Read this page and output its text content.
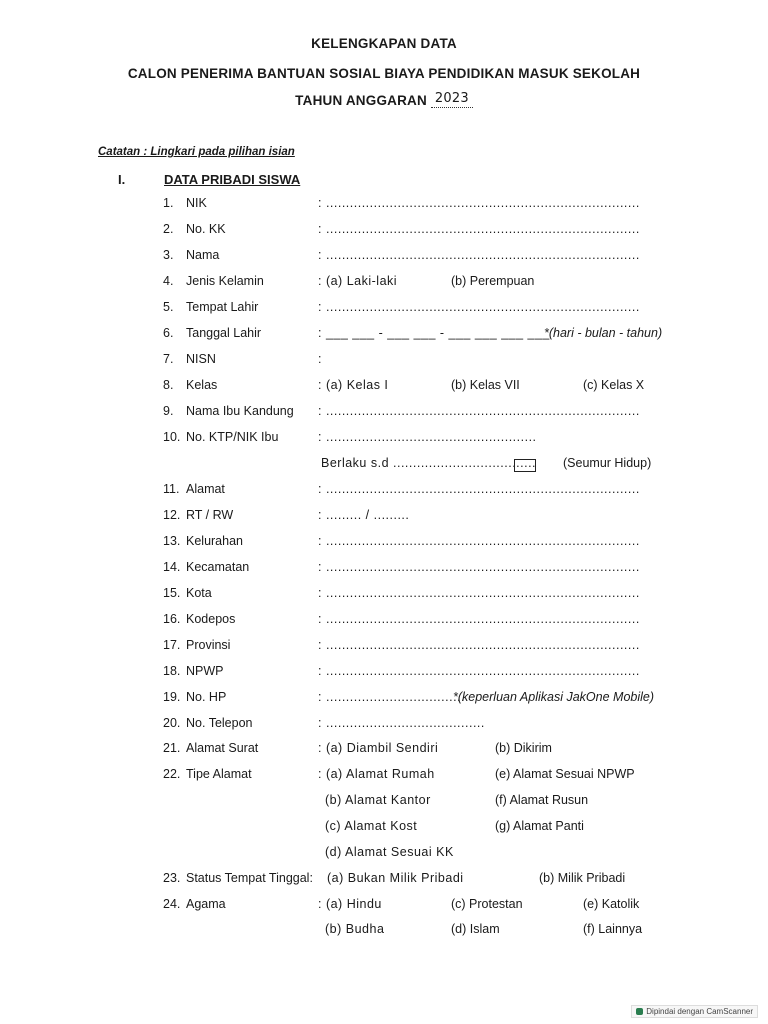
KELENGKAPAN DATA
CALON PENERIMA BANTUAN SOSIAL BIAYA PENDIDIKAN MASUK SEKOLAH
TAHUN ANGGARAN 2023
Catatan : Lingkari pada pilihan isian
I.	DATA PRIBADI SISWA
1. NIK	: ...............................................................................
2. No. KK	: ...............................................................................
3. Nama	: ...............................................................................
4. Jenis Kelamin	: (a) Laki-laki	(b) Perempuan
5. Tempat Lahir	: ...............................................................................
6. Tanggal Lahir	: ___ ___ - ___ ___ - ___ ___ ___ ___
*(hari - bulan - tahun)
7. NISN	:
8. Kelas	: (a) Kelas I	(b) Kelas VII	(c) Kelas X
9. Nama Ibu Kandung : ...............................................................................
10. No. KTP/NIK Ibu	: .....................................................
Berlaku s.d .................................... (Seumur Hidup)
11. Alamat	: ...............................................................................
12. RT / RW	: ......... / .........
13. Kelurahan	: ...............................................................................
14. Kecamatan	: ...............................................................................
15. Kota	: ...............................................................................
16. Kodepos	: ...............................................................................
17. Provinsi	: ...............................................................................
18. NPWP	: ...............................................................................
19. No. HP	: ...................................
*(keperluan Aplikasi JakOne Mobile)
20. No. Telepon	: ........................................
21. Alamat Surat	: (a) Diambil Sendiri	(b) Dikirim
22. Tipe Alamat	: (a) Alamat Rumah	(e) Alamat Sesuai NPWP
(b) Alamat Kantor	(f) Alamat Rusun
(c) Alamat Kost	(g) Alamat Panti
(d) Alamat Sesuai KK
23. Status Tempat Tinggal: (a) Bukan Milik Pribadi	(b) Milik Pribadi
24. Agama	: (a) Hindu	(c) Protestan	(e) Katolik
(b) Budha	(d) Islam	(f) Lainnya
Dipindai dengan CamScanner
